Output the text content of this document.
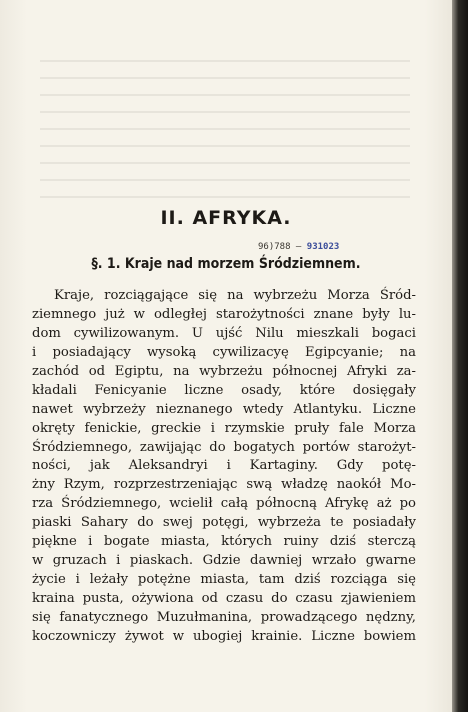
II. AFRYKA.
96)788 — 931023
§. 1. Kraje nad morzem Śródziemnem.
Kraje, rozciągające się na wybrzeżu Morza Śród-
ziemnego już w odległej starożytności znane były lu-
dom cywilizowanym. U ujść Nilu mieszkali bogaci
i posiadający wysoką cywilizacyę Egipcyanie; na
zachód od Egiptu, na wybrzeżu północnej Afryki za-
kładali Fenicyanie liczne osady, które dosięgały
nawet wybrzeży nieznanego wtedy Atlantyku. Liczne
okręty fenickie, greckie i rzymskie pruły fale Morza
Śródziemnego, zawijając do bogatych portów starożyt-
ności, jak Aleksandryi i Kartaginy. Gdy potę-
żny Rzym, rozprzestrzeniając swą władzę naokół Mo-
rza Śródziemnego, wcielił całą północną Afrykę aż po
piaski Sahary do swej potęgi, wybrzeża te posiadały
piękne i bogate miasta, których ruiny dziś sterczą
w gruzach i piaskach. Gdzie dawniej wrzało gwarne
życie i leżały potężne miasta, tam dziś rozciąga się
kraina pusta, ożywiona od czasu do czasu zjawieniem
się fanatycznego Muzułmanina, prowadzącego nędzny,
koczowniczy żywot w ubogiej krainie. Liczne bowiem
